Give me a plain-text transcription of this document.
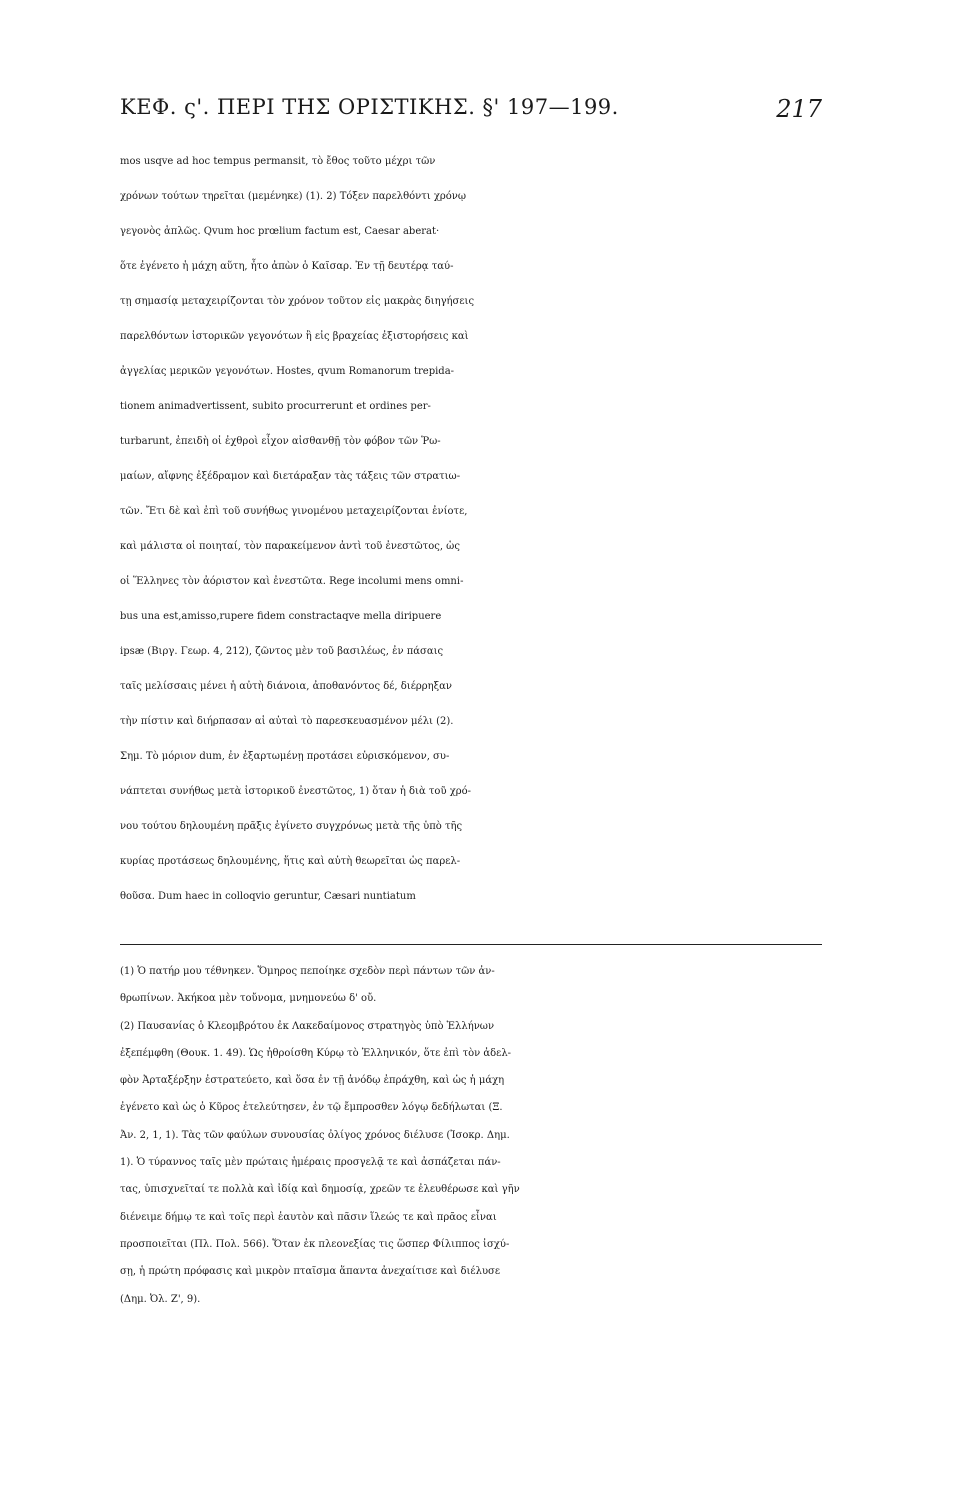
ΚΕΦ. ς'. ΠΕΡΙ ΤΗΣ ΟΡΙΣΤΙΚΗΣ. §' 197—199.	217
mos usqve ad hoc tempus permansit, τὸ ἔθος τοῦτο μέχρι τῶν
χρόνων τούτων τηρεῖται (μεμένηκε) (1). 2) Τόξεν παρελθόντι χρόνῳ
γεγονὸς ἁπλῶς. Qvum hoc prœlium factum est, Caesar aberat·
ὅτε ἐγένετο ἡ μάχη αὕτη, ἦτο ἀπὼν ὁ Καῖσαρ. Ἐν τῇ δευτέρᾳ ταύ-
τῃ σημασίᾳ μεταχειρίζονται τὸν χρόνον τοῦτον εἰς μακρὰς διηγήσεις
παρελθόντων ἱστορικῶν γεγονότων ἢ εἰς βραχείας ἐξιστορήσεις καὶ
ἀγγελίας μερικῶν γεγονότων. Hostes, qvum Romanorum trepida-
tionem animadvertissent, subito procurrerunt et ordines per-
turbarunt, ἐπειδὴ οἱ ἐχθροὶ εἶχον αἰσθανθῇ τὸν φόβον τῶν Ῥω-
μαίων, αἴφνης ἐξέδραμον καὶ διετάραξαν τὰς τάξεις τῶν στρατιω-
τῶν. Ἔτι δὲ καὶ ἐπὶ τοῦ συνήθως γινομένου μεταχειρίζονται ἐνίοτε,
καὶ μάλιστα οἱ ποιηταί, τὸν παρακείμενον ἀντὶ τοῦ ἐνεστῶτος, ὡς
οἱ Ἕλληνες τὸν ἀόριστον καὶ ἐνεστῶτα. Rege incolumi mens omni-
bus una est,amisso,rupere fidem constractaqve mella diripuere
ipsæ (Βιργ. Γεωρ. 4, 212), ζῶντος μὲν τοῦ βασιλέως, ἐν πάσαις
ταῖς μελίσσαις μένει ἡ αὐτὴ διάνοια, ἀποθανόντος δέ, διέρρηξαν
τὴν πίστιν καὶ διήρπασαν αἱ αὐταὶ τὸ παρεσκευασμένον μέλι (2).
Σημ. Τὸ μόριον dum, ἐν ἐξαρτωμένῃ προτάσει εὑρισκόμενον, συ-
νάπτεται συνήθως μετὰ ἱστορικοῦ ἐνεστῶτος, 1) ὅταν ἡ διὰ τοῦ χρό-
νου τούτου δηλουμένη πρᾶξις ἐγίνετο συγχρόνως μετὰ τῆς ὑπὸ τῆς
κυρίας προτάσεως δηλουμένης, ἥτις καὶ αὐτὴ θεωρεῖται ὡς παρελ-
θοῦσα. Dum haec in colloqvio geruntur, Cæsari nuntiatum
(1) Ὁ πατήρ μου τέθνηκεν. Ὅμηρος πεποίηκε σχεδὸν περὶ πάντων τῶν ἀν-
θρωπίνων. Ἀκήκοα μὲν τοὔνομα, μνημονεύω δ' οὔ.
(2) Παυσανίας ὁ Κλεομβρότου ἐκ Λακεδαίμονος στρατηγὸς ὑπὸ Ἑλλήνων
ἐξεπέμφθη (Θουκ. 1. 49). Ὡς ἠθροίσθη Κύρῳ τὸ Ἑλληνικόν, ὅτε ἐπὶ τὸν ἀδελ-
φὸν Ἀρταξέρξην ἐστρατεύετο, καὶ ὅσα ἐν τῇ ἀνόδῳ ἐπράχθη, καὶ ὡς ἡ μάχη
ἐγένετο καὶ ὡς ὁ Κῦρος ἐτελεύτησεν, ἐν τῷ ἔμπροσθεν λόγῳ δεδήλωται (Ξ.
Ἀν. 2, 1, 1). Τὰς τῶν φαύλων συνουσίας ὀλίγος χρόνος διέλυσε (Ἰσοκρ. Δημ.
1). Ὁ τύραννος ταῖς μὲν πρώταις ἡμέραις προσγελᾷ τε καὶ ἀσπάζεται πάν-
τας, ὑπισχνεῖταί τε πολλὰ καὶ ἰδίᾳ καὶ δημοσίᾳ, χρεῶν τε ἐλευθέρωσε καὶ γῆν
διένειμε δήμῳ τε καὶ τοῖς περὶ ἑαυτὸν καὶ πᾶσιν ἵλεώς τε καὶ πρᾶος εἶναι
προσποιεῖται (Πλ. Πολ. 566). Ὅταν ἐκ πλεονεξίας τις ὥσπερ Φίλιππος ἰσχύ-
σῃ, ἡ πρώτη πρόφασις καὶ μικρὸν πταῖσμα ἅπαντα ἀνεχαίτισε καὶ διέλυσε
(Δημ. Ὀλ. Ζ', 9).
